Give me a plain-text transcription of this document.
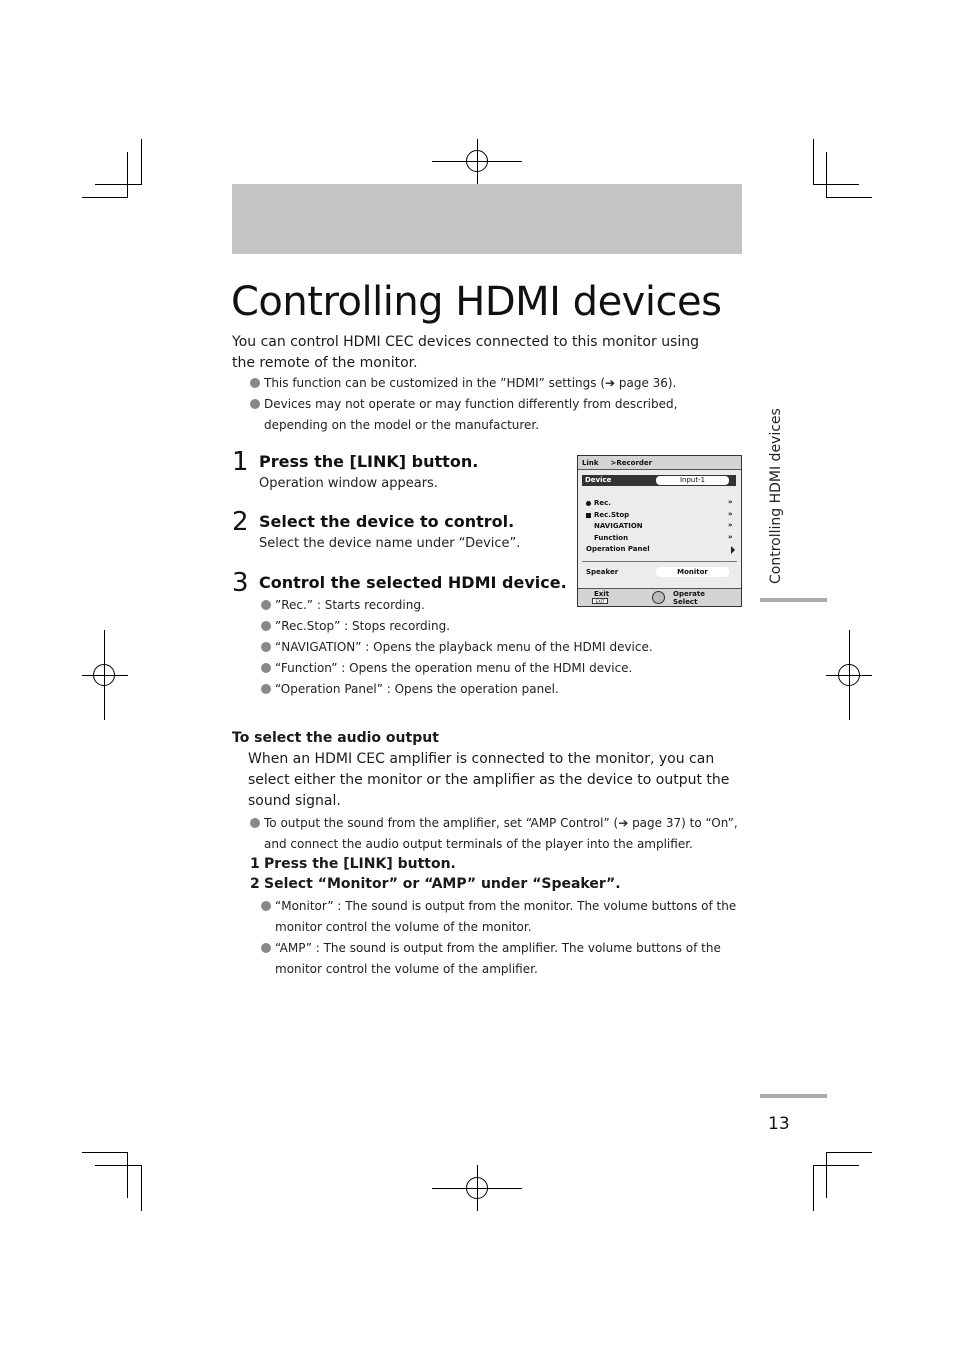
Controlling HDMI devices

You can control HDMI CEC devices connected to this monitor using the remote of the monitor.

This function can be customized in the ”HDMI” settings (➔ page 36).
Devices may not operate or may function differently from described, depending on the model or the manufacturer.
1 Press the [LINK] button.
Operation window appears.
2 Select the device to control.
Select the device name under “Device”.
3 Control the selected HDMI device.
”Rec.” : Starts recording.
”Rec.Stop” : Stops recording.
“NAVIGATION” : Opens the playback menu of the HDMI device.
“Function” : Opens the operation menu of the HDMI device.
“Operation Panel” : Opens the operation panel.
Link >Recorder
Device	Input-1
Rec.	»
Rec.Stop	»
NAVIGATION	»
Function	»
Operation Panel
Speaker	Monitor
Exit
EXIT
Operate
Select
Controlling HDMI devices
To select the audio output

When an HDMI CEC amplifier is connected to the monitor, you can select either the monitor or the amplifier as the device to output the sound signal.

To output the sound from the amplifier, set “AMP Control” (➔ page 37) to “On”, and connect the audio output terminals of the player into the amplifier.
1 Press the [LINK] button.
2 Select “Monitor” or “AMP” under “Speaker”.
“Monitor” : The sound is output from the monitor. The volume buttons of the monitor control the volume of the monitor.
“AMP” : The sound is output from the amplifier. The volume buttons of the monitor control the volume of the amplifier.
13
